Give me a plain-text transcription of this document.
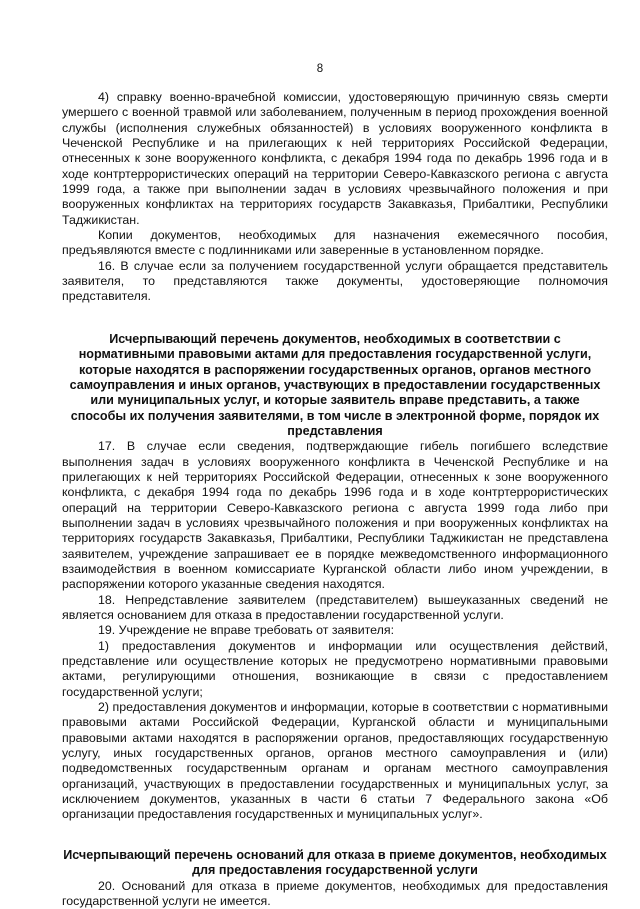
8

4) справку военно-врачебной комиссии, удостоверяющую причинную связь смерти умершего с военной травмой или заболеванием, полученным в период прохождения военной службы (исполнения служебных обязанностей) в условиях вооруженного конфликта в Чеченской Республике и на прилегающих к ней территориях Российской Федерации, отнесенных к зоне вооруженного конфликта, с декабря 1994 года по декабрь 1996 года и в ходе контртеррористических операций на территории Северо-Кавказского региона с августа 1999 года, а также при выполнении задач в условиях чрезвычайного положения и при вооруженных конфликтах на территориях государств Закавказья, Прибалтики, Республики Таджикистан.

Копии документов, необходимых для назначения ежемесячного пособия, предъявляются вместе с подлинниками или заверенные в установленном порядке.

16. В случае если за получением государственной услуги обращается представитель заявителя, то представляются также документы, удостоверяющие полномочия представителя.

Исчерпывающий перечень документов, необходимых в соответствии с нормативными правовыми актами для предоставления государственной услуги, которые находятся в распоряжении государственных органов, органов местного самоуправления и иных органов, участвующих в предоставлении государственных или муниципальных услуг, и которые заявитель вправе представить, а также способы их получения заявителями, в том числе в электронной форме, порядок их представления

17. В случае если сведения, подтверждающие гибель погибшего вследствие выполнения задач в условиях вооруженного конфликта в Чеченской Республике и на прилегающих к ней территориях Российской Федерации, отнесенных к зоне вооруженного конфликта, с декабря 1994 года по декабрь 1996 года и в ходе контртеррористических операций на территории Северо-Кавказского региона с августа 1999 года либо при выполнении задач в условиях чрезвычайного положения и при вооруженных конфликтах на территориях государств Закавказья, Прибалтики, Республики Таджикистан не представлена заявителем, учреждение запрашивает ее в порядке межведомственного информационного взаимодействия в военном комиссариате Курганской области либо ином учреждении, в распоряжении которого указанные сведения находятся.

18. Непредставление заявителем (представителем) вышеуказанных сведений не является основанием для отказа в предоставлении государственной услуги.

19. Учреждение не вправе требовать от заявителя:

1) предоставления документов и информации или осуществления действий, представление или осуществление которых не предусмотрено нормативными правовыми актами, регулирующими отношения, возникающие в связи с предоставлением государственной услуги;

2) предоставления документов и информации, которые в соответствии с нормативными правовыми актами Российской Федерации, Курганской области и муниципальными правовыми актами находятся в распоряжении органов, предоставляющих государственную услугу, иных государственных органов, органов местного самоуправления и (или) подведомственных государственным органам и органам местного самоуправления организаций, участвующих в предоставлении государственных и муниципальных услуг, за исключением документов, указанных в части 6 статьи 7 Федерального закона «Об организации предоставления государственных и муниципальных услуг».

Исчерпывающий перечень оснований для отказа в приеме документов, необходимых для предоставления государственной услуги

20. Оснований для отказа в приеме документов, необходимых для предоставления государственной услуги не имеется.
